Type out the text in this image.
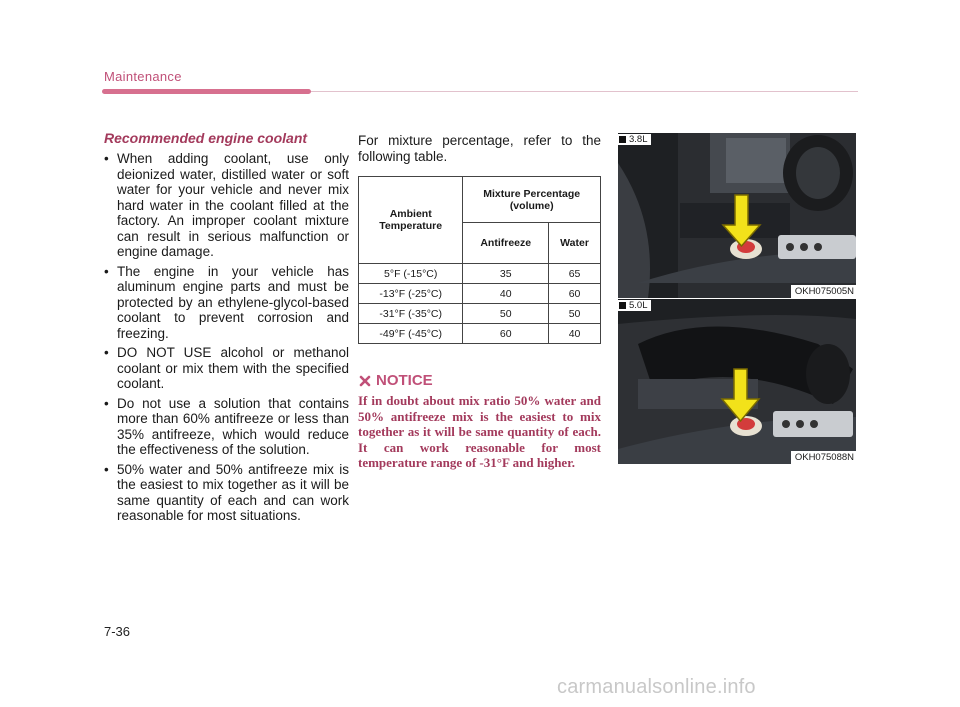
Maintenance
Recommended engine coolant
• When adding coolant, use only deionized water, distilled water or soft water for your vehicle and never mix hard water in the coolant filled at the factory. An improper coolant mixture can result in serious malfunction or engine damage.
• The engine in your vehicle has aluminum engine parts and must be protected by an ethylene-glycol-based coolant to prevent corrosion and freezing.
• DO NOT USE alcohol or methanol coolant or mix them with the specified coolant.
• Do not use a solution that contains more than 60% antifreeze or less than 35% antifreeze, which would reduce the effectiveness of the solution.
• 50% water and 50% antifreeze mix is the easiest to mix together as it will be same quantity of each and can work reasonable for most situations.

For mixture percentage, refer to the following table.

Ambient Temperature	Mixture Percentage (volume)	
	Antifreeze	Water
5°F (-15°C)	35	65
-13°F (-25°C)	40	60
-31°F (-35°C)	50	50
-49°F (-45°C)	60	40
NOTICE

If in doubt about mix ratio 50% water and 50% antifreeze mix is the easiest to mix together as it will be same quantity of each. It can work reasonable for most temperature range of -31°F and higher.

OKH075005N
3.8L
OKH075088N
5.0L
7-36
carmanualsonline.info
